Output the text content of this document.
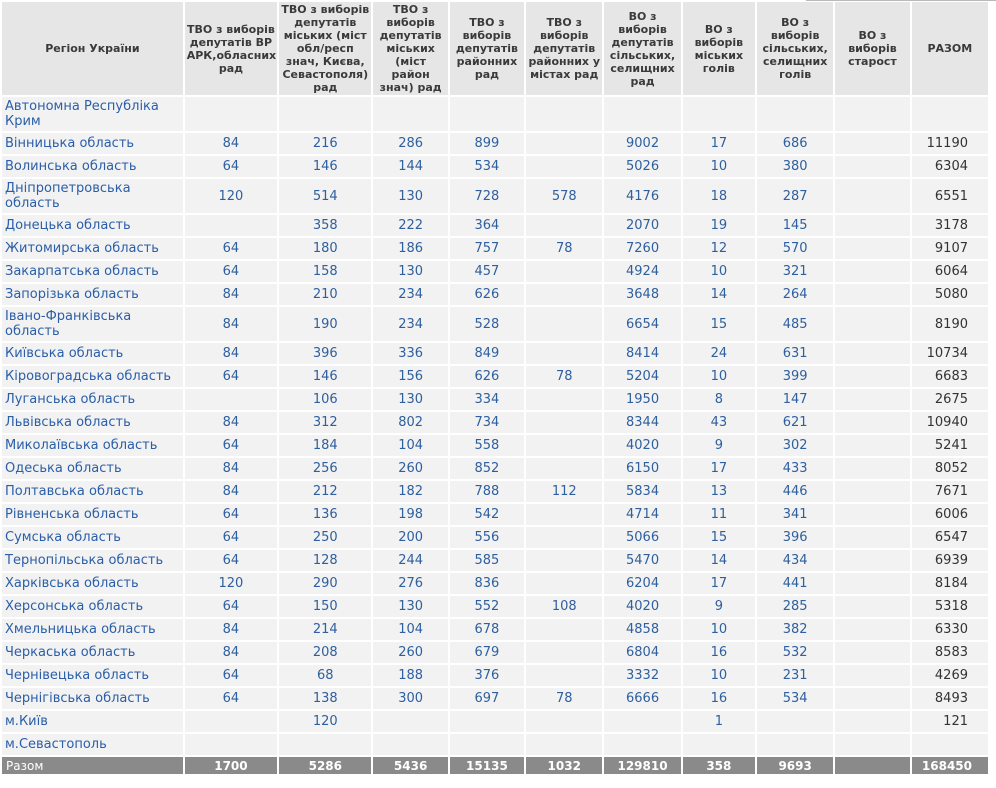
Регіон України	ТВО з виборів депутатів ВР АРК,обласних рад	ТВО з виборів депутатів міських (міст обл/респ знач, Києва, Севастополя) рад	ТВО з виборів депутатів міських (міст район знач) рад	ТВО з виборів депутатів районних рад	ТВО з виборів депутатів районних у містах рад	ВО з виборів депутатів сільських, селищних рад	ВО з виборів міських голів	ВО з виборів сільських, селищних голів	ВО з виборів старост	РАЗОМ
Автономна Республіка Крим										
Вінницька область	84	216	286	899		9002	17	686		11190
Волинська область	64	146	144	534		5026	10	380		6304
Дніпропетровська область	120	514	130	728	578	4176	18	287		6551
Донецька область		358	222	364		2070	19	145		3178
Житомирська область	64	180	186	757	78	7260	12	570		9107
Закарпатська область	64	158	130	457		4924	10	321		6064
Запорізька область	84	210	234	626		3648	14	264		5080
Івано-Франківська область	84	190	234	528		6654	15	485		8190
Київська область	84	396	336	849		8414	24	631		10734
Кіровоградська область	64	146	156	626	78	5204	10	399		6683
Луганська область		106	130	334		1950	8	147		2675
Львівська область	84	312	802	734		8344	43	621		10940
Миколаївська область	64	184	104	558		4020	9	302		5241
Одеська область	84	256	260	852		6150	17	433		8052
Полтавська область	84	212	182	788	112	5834	13	446		7671
Рівненська область	64	136	198	542		4714	11	341		6006
Сумська область	64	250	200	556		5066	15	396		6547
Тернопільська область	64	128	244	585		5470	14	434		6939
Харківська область	120	290	276	836		6204	17	441		8184
Херсонська область	64	150	130	552	108	4020	9	285		5318
Хмельницька область	84	214	104	678		4858	10	382		6330
Черкаська область	84	208	260	679		6804	16	532		8583
Чернівецька область	64	68	188	376		3332	10	231		4269
Чернігівська область	64	138	300	697	78	6666	16	534		8493
м.Київ		120					1			121
м.Севастополь										
Разом	1700	5286	5436	15135	1032	129810	358	9693		168450
